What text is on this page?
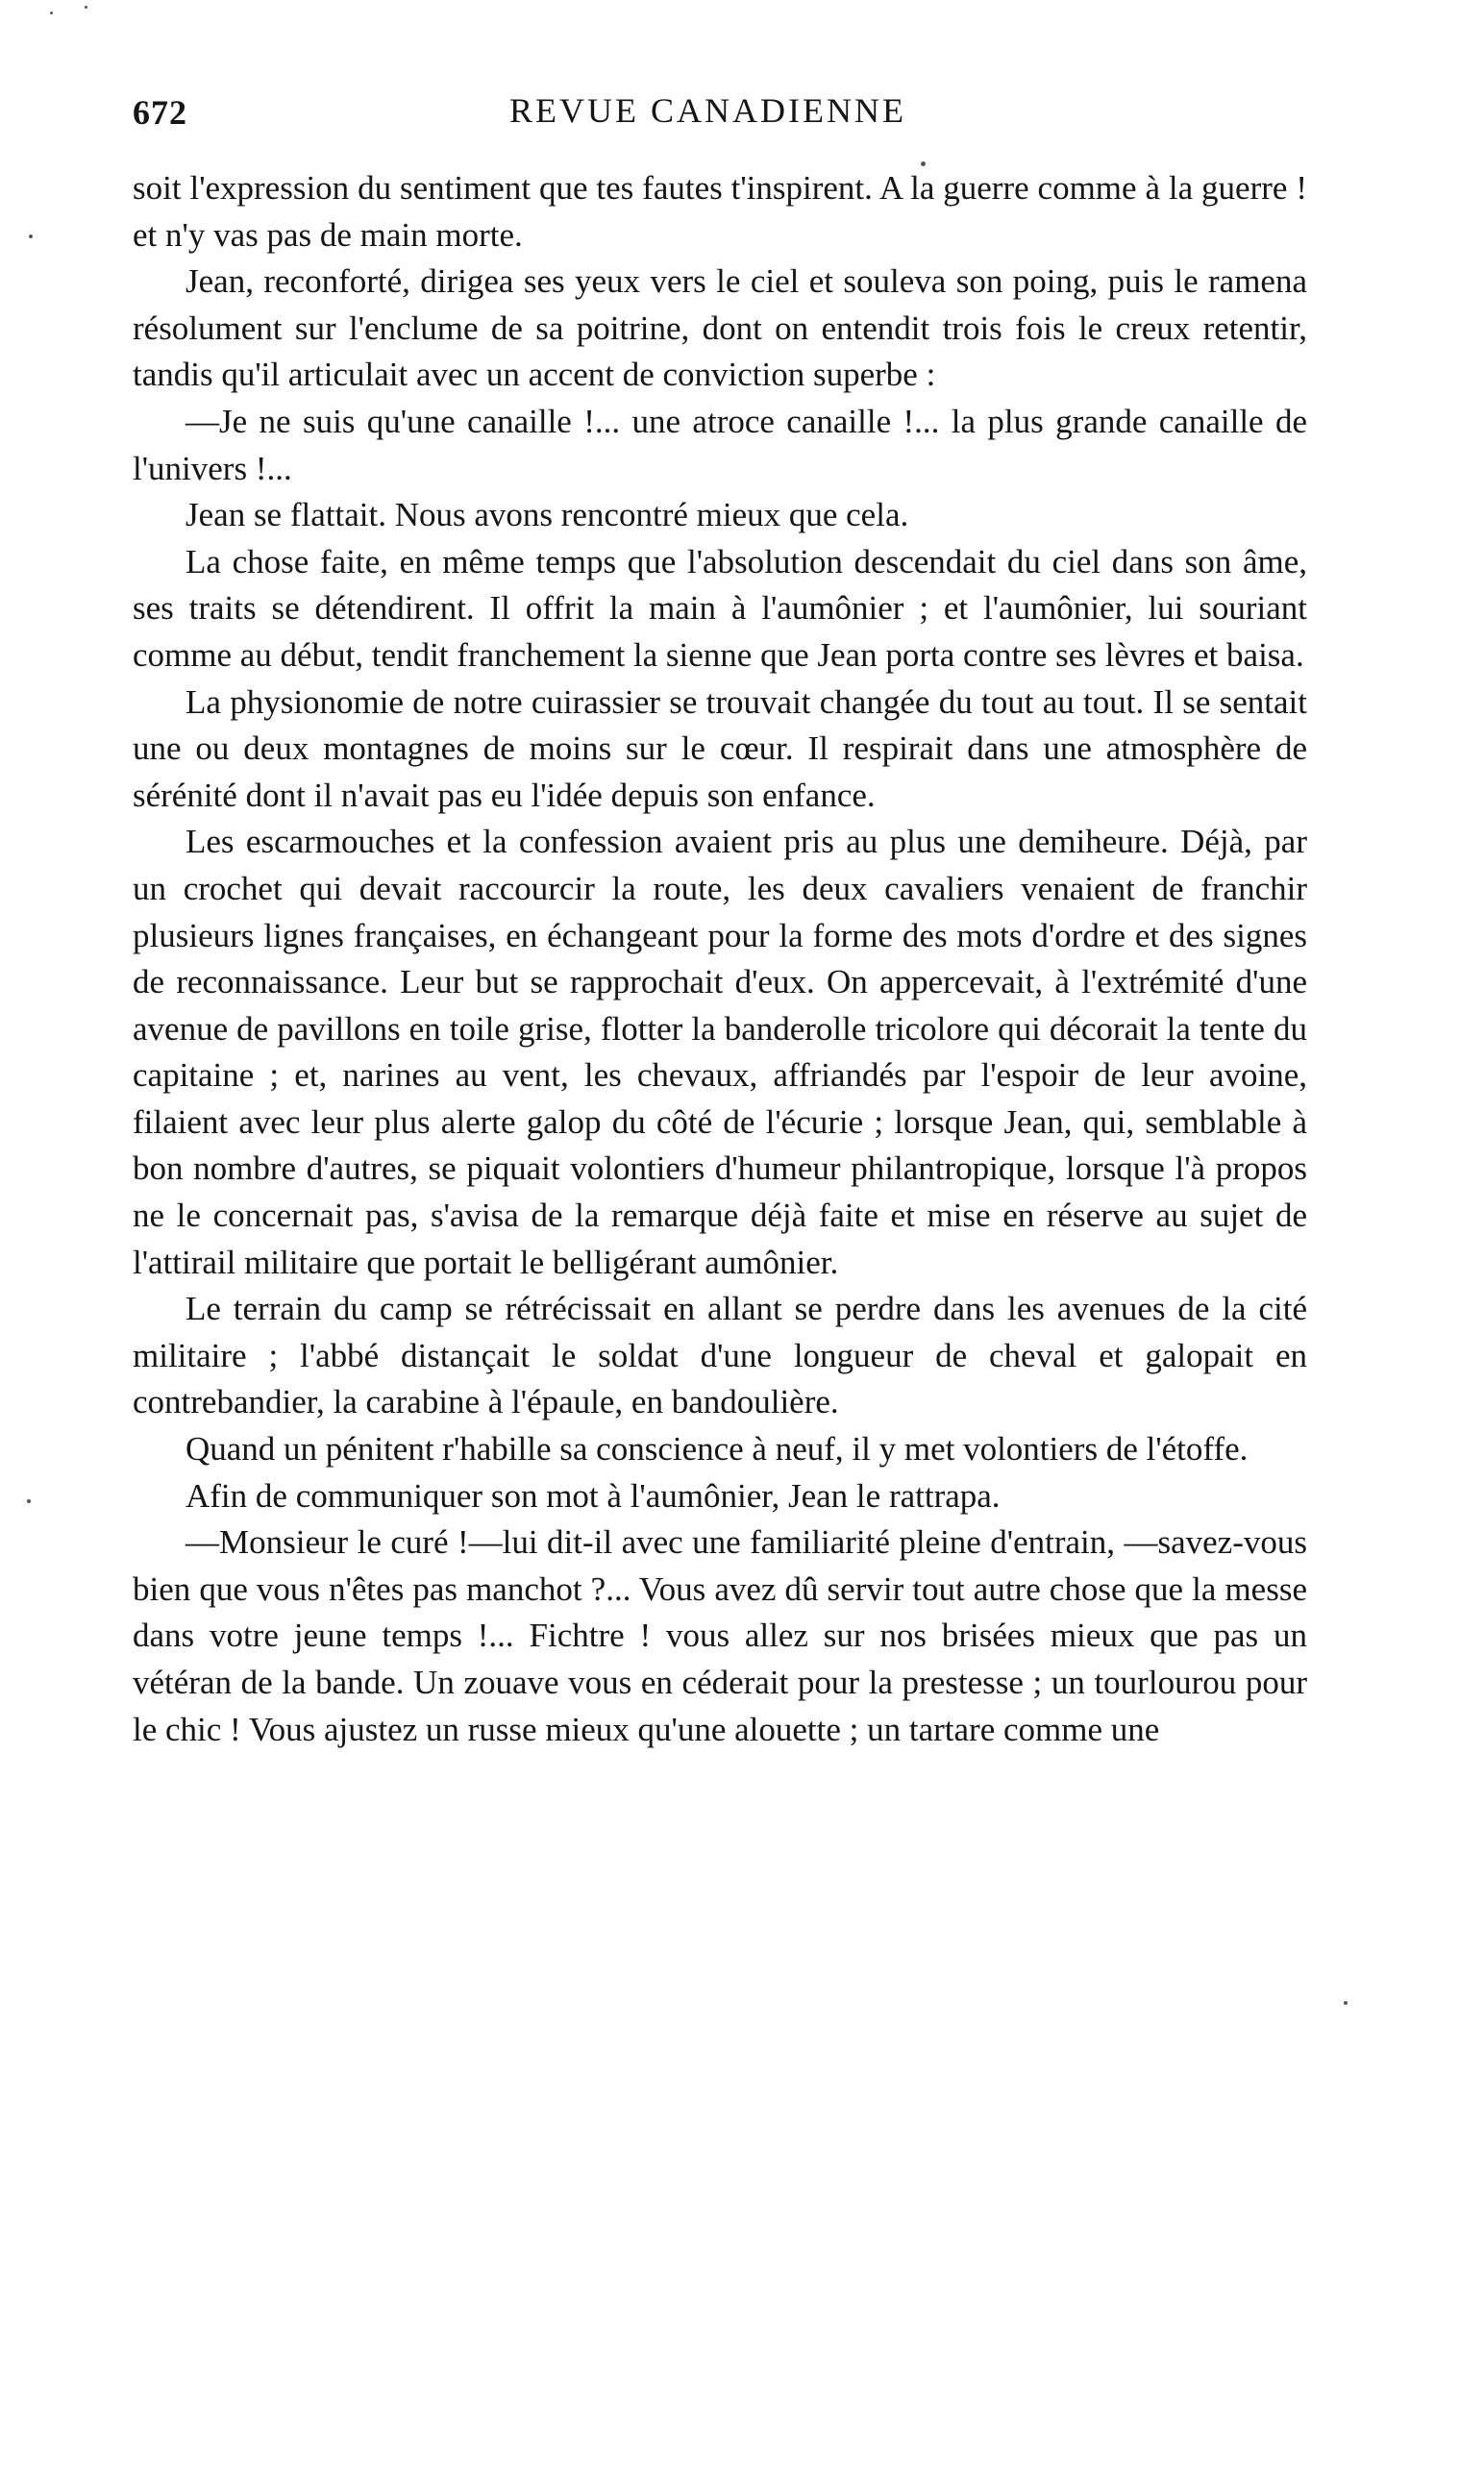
672	REVUE CANADIENNE

soit l'expression du sentiment que tes fautes t'inspirent. A la guerre comme à la guerre ! et n'y vas pas de main morte.

Jean, reconforté, dirigea ses yeux vers le ciel et souleva son poing, puis le ramena résolument sur l'enclume de sa poitrine, dont on entendit trois fois le creux retentir, tandis qu'il articulait avec un accent de conviction superbe :

—Je ne suis qu'une canaille !... une atroce canaille !... la plus grande canaille de l'univers !...

Jean se flattait. Nous avons rencontré mieux que cela.

La chose faite, en même temps que l'absolution descendait du ciel dans son âme, ses traits se détendirent. Il offrit la main à l'aumônier ; et l'aumônier, lui souriant comme au début, tendit franchement la sienne que Jean porta contre ses lèvres et baisa.

La physionomie de notre cuirassier se trouvait changée du tout au tout. Il se sentait une ou deux montagnes de moins sur le cœur. Il respirait dans une atmosphère de sérénité dont il n'avait pas eu l'idée depuis son enfance.

Les escarmouches et la confession avaient pris au plus une demiheure. Déjà, par un crochet qui devait raccourcir la route, les deux cavaliers venaient de franchir plusieurs lignes françaises, en échangeant pour la forme des mots d'ordre et des signes de reconnaissance. Leur but se rapprochait d'eux. On appercevait, à l'extrémité d'une avenue de pavillons en toile grise, flotter la banderolle tricolore qui décorait la tente du capitaine ; et, narines au vent, les chevaux, affriandés par l'espoir de leur avoine, filaient avec leur plus alerte galop du côté de l'écurie ; lorsque Jean, qui, semblable à bon nombre d'autres, se piquait volontiers d'humeur philantropique, lorsque l'à propos ne le concernait pas, s'avisa de la remarque déjà faite et mise en réserve au sujet de l'attirail militaire que portait le belligérant aumônier.

Le terrain du camp se rétrécissait en allant se perdre dans les avenues de la cité militaire ; l'abbé distançait le soldat d'une longueur de cheval et galopait en contrebandier, la carabine à l'épaule, en bandoulière.

Quand un pénitent r'habille sa conscience à neuf, il y met volontiers de l'étoffe.

Afin de communiquer son mot à l'aumônier, Jean le rattrapa.

—Monsieur le curé !—lui dit-il avec une familiarité pleine d'entrain, —savez-vous bien que vous n'êtes pas manchot ?... Vous avez dû servir tout autre chose que la messe dans votre jeune temps !... Fichtre ! vous allez sur nos brisées mieux que pas un vétéran de la bande. Un zouave vous en céderait pour la prestesse ; un tourlourou pour le chic ! Vous ajustez un russe mieux qu'une alouette ; un tartare comme une
